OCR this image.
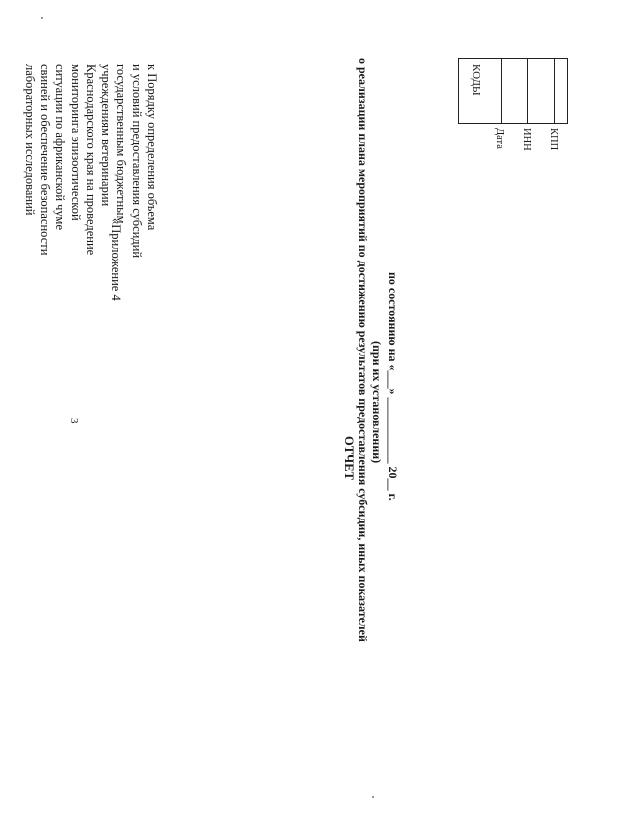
3
«Приложение 4
к Порядку определения объема
и условий предоставления субсидий
государственным бюджетным
учреждениям ветеринарии
Краснодарского края на проведение
мониторинга эпизоотической
ситуации по африканской чуме
свиней и обеспечение безопасности
лабораторных исследований
ОТЧЕТ о реализации плана мероприятий по достижению результатов предоставления субсидии, иных показателей (при их установлении) по состоянию на «___» ___________ 20__ г.
КОДЫ
Дата ИНН КПП
